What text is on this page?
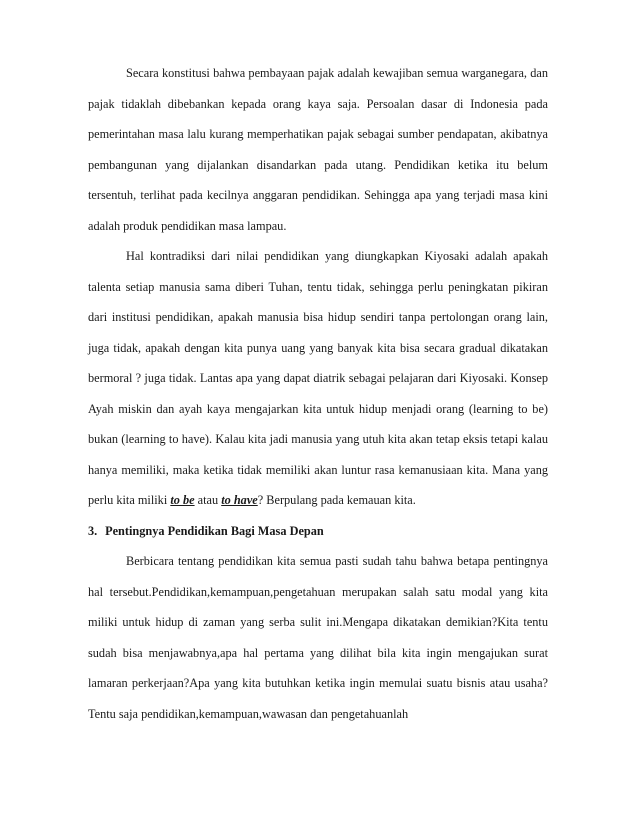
Secara konstitusi bahwa pembayaan pajak adalah kewajiban semua warganegara, dan pajak tidaklah dibebankan kepada orang kaya saja. Persoalan dasar di Indonesia pada pemerintahan masa lalu kurang memperhatikan pajak sebagai sumber pendapatan, akibatnya pembangunan yang dijalankan disandarkan pada utang. Pendidikan ketika itu belum tersentuh, terlihat pada kecilnya anggaran pendidikan. Sehingga apa yang terjadi masa kini adalah produk pendidikan masa lampau.

Hal kontradiksi dari nilai pendidikan yang diungkapkan Kiyosaki adalah apakah talenta setiap manusia sama diberi Tuhan, tentu tidak, sehingga perlu peningkatan pikiran dari institusi pendidikan, apakah manusia bisa hidup sendiri tanpa pertolongan orang lain, juga tidak, apakah dengan kita punya uang yang banyak kita bisa secara gradual dikatakan bermoral ? juga tidak. Lantas apa yang dapat diatrik sebagai pelajaran dari Kiyosaki. Konsep Ayah miskin dan ayah kaya mengajarkan kita untuk hidup menjadi orang (learning to be) bukan (learning to have). Kalau kita jadi manusia yang utuh kita akan tetap eksis tetapi kalau hanya memiliki, maka ketika tidak memiliki akan luntur rasa kemanusiaan kita. Mana yang perlu kita miliki to be atau to have? Berpulang pada kemauan kita.

3. Pentingnya Pendidikan Bagi Masa Depan

Berbicara tentang pendidikan kita semua pasti sudah tahu bahwa betapa pentingnya hal tersebut.Pendidikan,kemampuan,pengetahuan merupakan salah satu modal yang kita miliki untuk hidup di zaman yang serba sulit ini.Mengapa dikatakan demikian?Kita tentu sudah bisa menjawabnya,apa hal pertama yang dilihat bila kita ingin mengajukan surat lamaran perkerjaan?Apa yang kita butuhkan ketika ingin memulai suatu bisnis atau usaha?Tentu saja pendidikan,kemampuan,wawasan dan pengetahuanlah
